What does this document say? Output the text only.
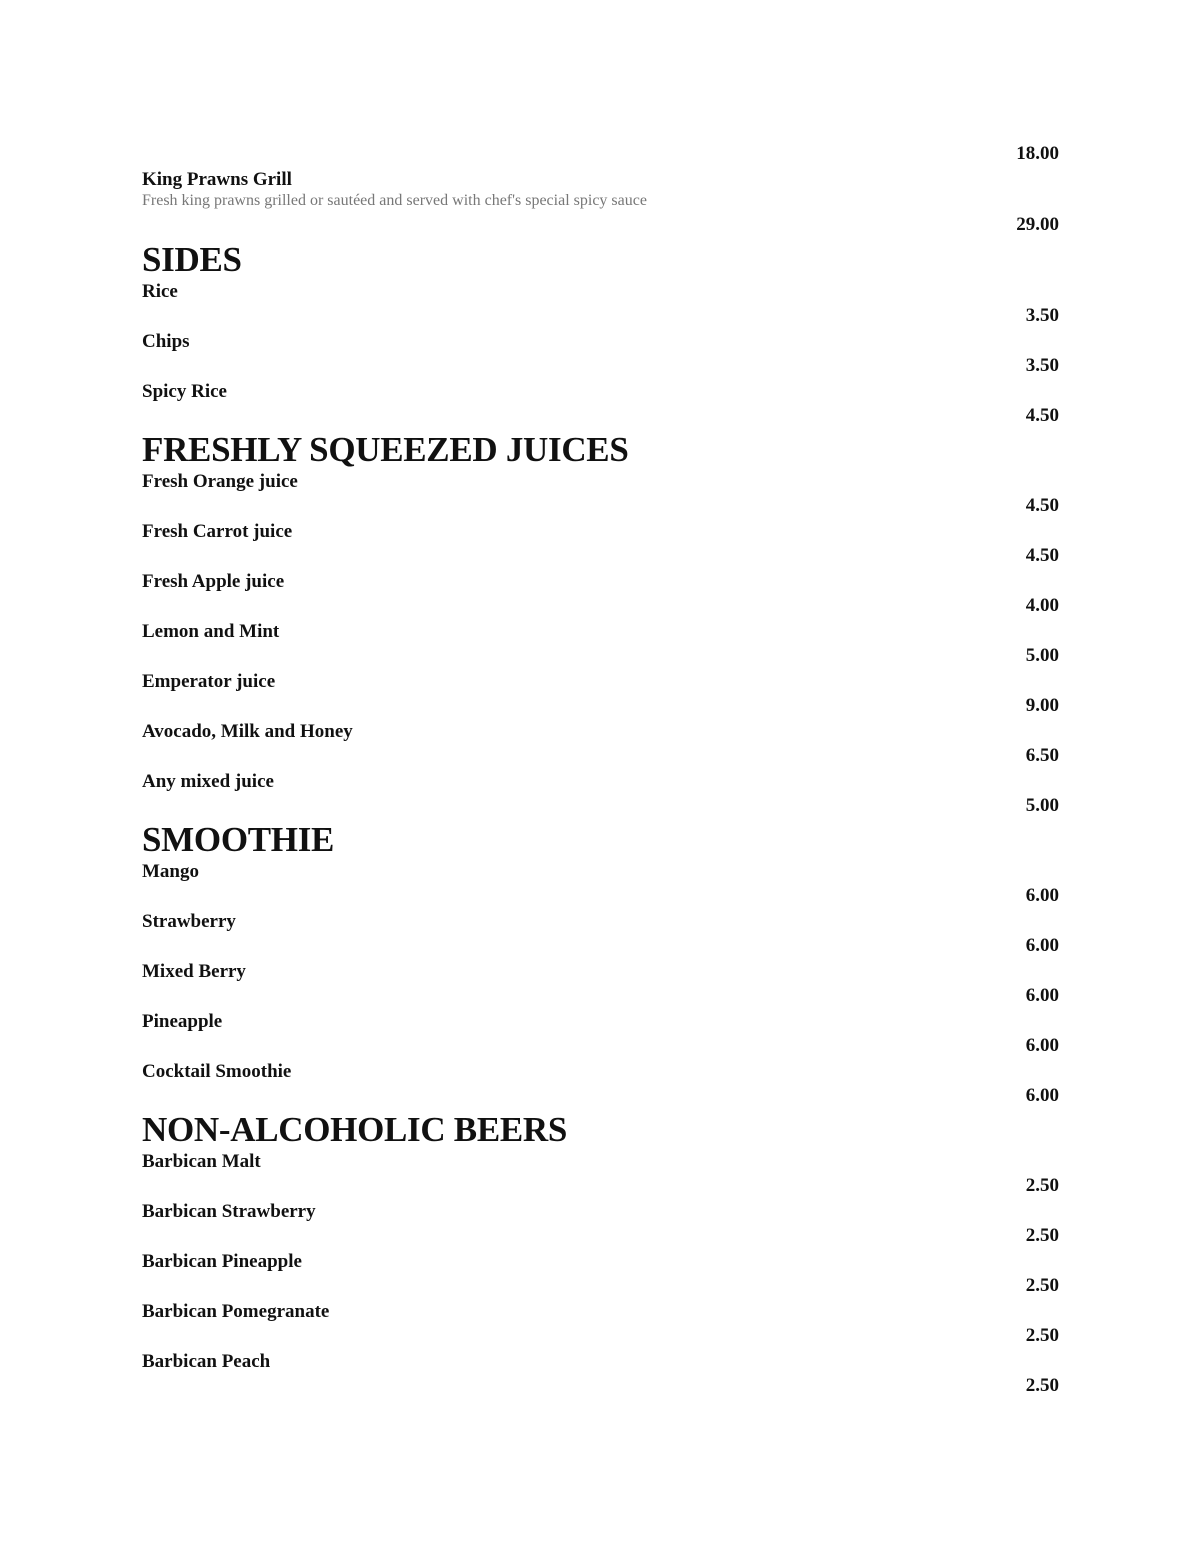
18.00
King Prawns Grill
Fresh king prawns grilled or sautéed and served with chef's special spicy sauce
29.00
SIDES
Rice
3.50
Chips
3.50
Spicy Rice
4.50
FRESHLY SQUEEZED JUICES
Fresh Orange juice
4.50
Fresh Carrot juice
4.50
Fresh Apple juice
4.00
Lemon and Mint
5.00
Emperator juice
9.00
Avocado, Milk and Honey
6.50
Any mixed juice
5.00
SMOOTHIE
Mango
6.00
Strawberry
6.00
Mixed Berry
6.00
Pineapple
6.00
Cocktail Smoothie
6.00
NON-ALCOHOLIC BEERS
Barbican Malt
2.50
Barbican Strawberry
2.50
Barbican Pineapple
2.50
Barbican Pomegranate
2.50
Barbican Peach
2.50
